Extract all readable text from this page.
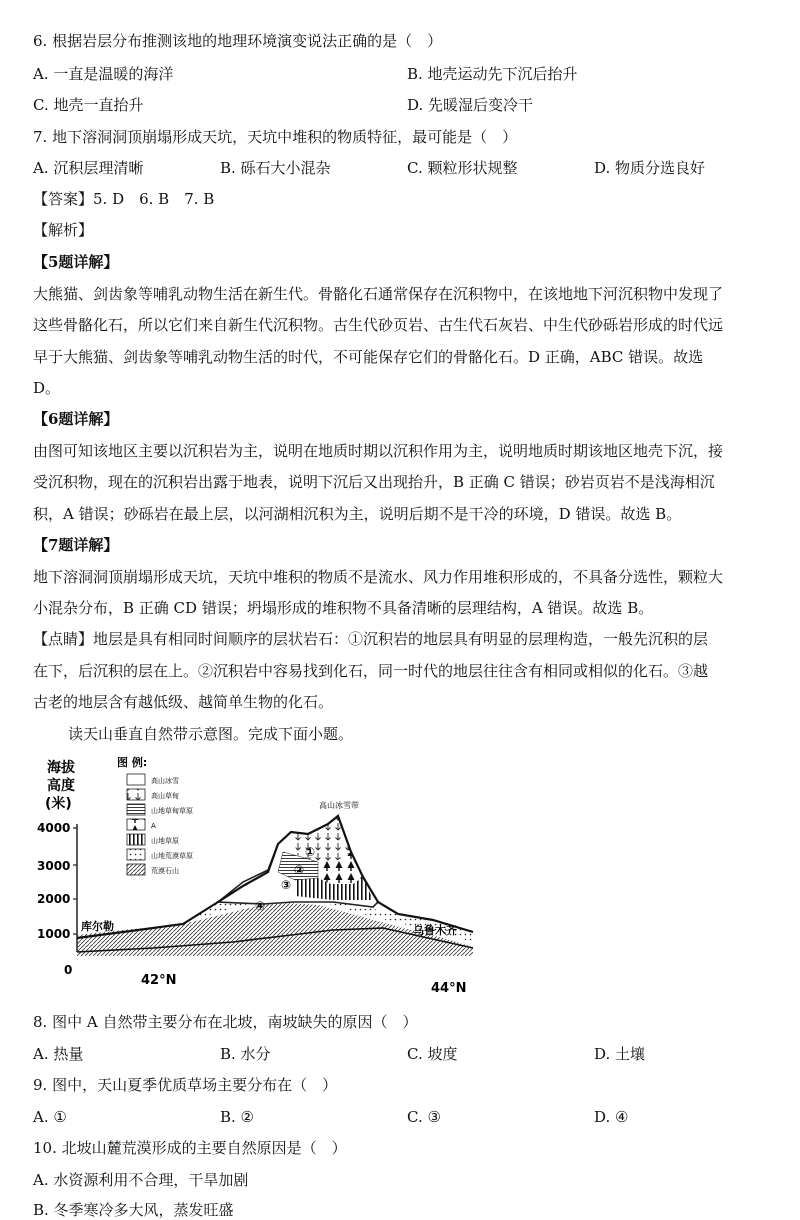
6. 根据岩层分布推测该地的地理环境演变说法正确的是（　）
A. 一直是温暖的海洋	B. 地壳运动先下沉后抬升
C. 地壳一直抬升	D. 先暖湿后变冷干
7. 地下溶洞洞顶崩塌形成天坑，天坑中堆积的物质特征，最可能是（　）
A. 沉积层理清晰	B. 砾石大小混杂	C. 颗粒形状规整	D. 物质分选良好
【答案】5. D　6. B　7. B
【解析】
【5题详解】
大熊猫、剑齿象等哺乳动物生活在新生代。骨骼化石通常保存在沉积物中，在该地地下河沉积物中发现了
这些骨骼化石，所以它们来自新生代沉积物。古生代砂页岩、古生代石灰岩、中生代砂砾岩形成的时代远
早于大熊猫、剑齿象等哺乳动物生活的时代，不可能保存它们的骨骼化石。D 正确，ABC 错误。故选
D。
【6题详解】
由图可知该地区主要以沉积岩为主，说明在地质时期以沉积作用为主，说明地质时期该地区地壳下沉，接
受沉积物，现在的沉积岩出露于地表，说明下沉后又出现抬升，B 正确 C 错误；砂岩页岩不是浅海相沉
积，A 错误；砂砾岩在最上层，以河湖相沉积为主，说明后期不是干冷的环境，D 错误。故选 B。
【7题详解】
地下溶洞洞顶崩塌形成天坑，天坑中堆积的物质不是流水、风力作用堆积形成的，不具备分选性，颗粒大
小混杂分布，B 正确 CD 错误；坍塌形成的堆积物不具备清晰的层理结构，A 错误。故选 B。
【点睛】地层是具有相同时间顺序的层状岩石：①沉积岩的地层具有明显的层理构造，一般先沉积的层
在下，后沉积的层在上。②沉积岩中容易找到化石，同一时代的地层往往含有相同或相似的化石。③越
古老的地层含有越低级、越简单生物的化石。
读天山垂直自然带示意图。完成下面小题。
海拔
高度
(米)
4000
3000
2000
1000
0
图 例:
高山冰雪
高山草甸
山地草甸草原
A
山地草原
山地荒漠草原
荒漠石山
高山冰雪带
①
②
③
④
库尔勒	乌鲁木齐
42°N
44°N
8. 图中 A 自然带主要分布在北坡，南坡缺失的原因（　）
A. 热量	B. 水分	C. 坡度	D. 土壤
9. 图中，天山夏季优质草场主要分布在（　）
A. ①	B. ②	C. ③	D. ④
10. 北坡山麓荒漠形成的主要自然原因是（　）
A. 水资源利用不合理，干旱加剧
B. 冬季寒冷多大风，蒸发旺盛
